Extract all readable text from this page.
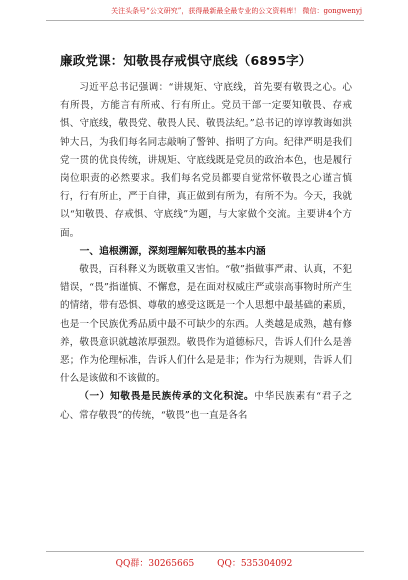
关注头条号“公文研究”，获得最新最全最专业的公文资料库！ 微信：gongwenyj
廉政党课：知敬畏存戒惧守底线（6895字）

习近平总书记强调：“讲规矩、守底线，首先要有敬畏之心。心有所畏，方能言有所戒、行有所止。党员干部一定要知敬畏、存戒惧、守底线，敬畏党、敬畏人民、敬畏法纪。”总书记的谆谆教诲如洪钟大吕，为我们每名同志敲响了警钟、指明了方向。纪律严明是我们党一贯的优良传统，讲规矩、守底线既是党员的政治本色，也是履行岗位职责的必然要求。我们每名党员都要自觉常怀敬畏之心谨言慎行，行有所止，严于自律，真正做到有所为，有所不为。今天，我就以“知敬畏、存戒惧、守底线”为题，与大家做个交流。主要讲4个方面。

一、追根溯源，深刻理解知敬畏的基本内涵

敬畏，百科释义为既敬重又害怕。“敬”指做事严肃、认真，不犯错误，“畏”指谨慎、不懈怠，是在面对权威庄严或崇高事物时所产生的情绪，带有恐惧、尊敬的感受这既是一个人思想中最基础的素质，也是一个民族优秀品质中最不可缺少的东西。人类越是成熟，越有修养，敬畏意识就越浓厚强烈。敬畏作为道德标尺，告诉人们什么是善恶；作为伦理标准，告诉人们什么是是非；作为行为规则，告诉人们什么是该做和不该做的。

（一）知敬畏是民族传承的文化积淀。中华民族素有“君子之心、常存敬畏”的传统，“敬畏”也一直是各名

QQ群：30265665	QQ：535304092
